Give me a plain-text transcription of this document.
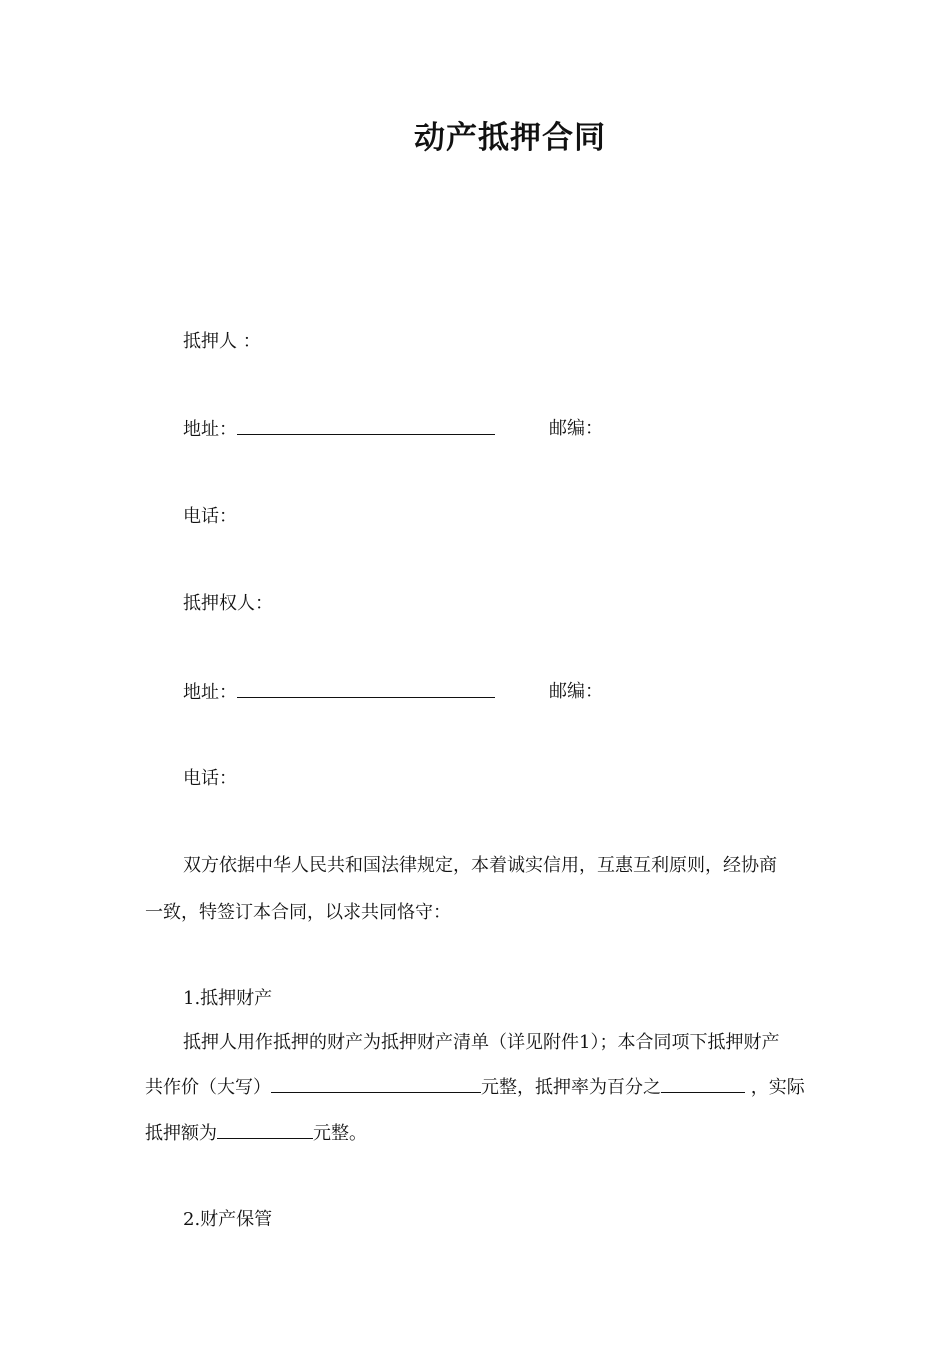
动产抵押合同
抵押人 ：
地址：	邮编：
电话：
抵押权人：
地址：	邮编：
电话：
双方依据中华人民共和国法律规定，本着诚实信用，互惠互利原则，经协商
一致，特签订本合同，以求共同恪守：
1.抵押财产
抵押人用作抵押的财产为抵押财产清单（详见附件1）；本合同项下抵押财产
共作价（大写）	元整，抵押率为百分之	，实际
抵押额为	元整。
2.财产保管
